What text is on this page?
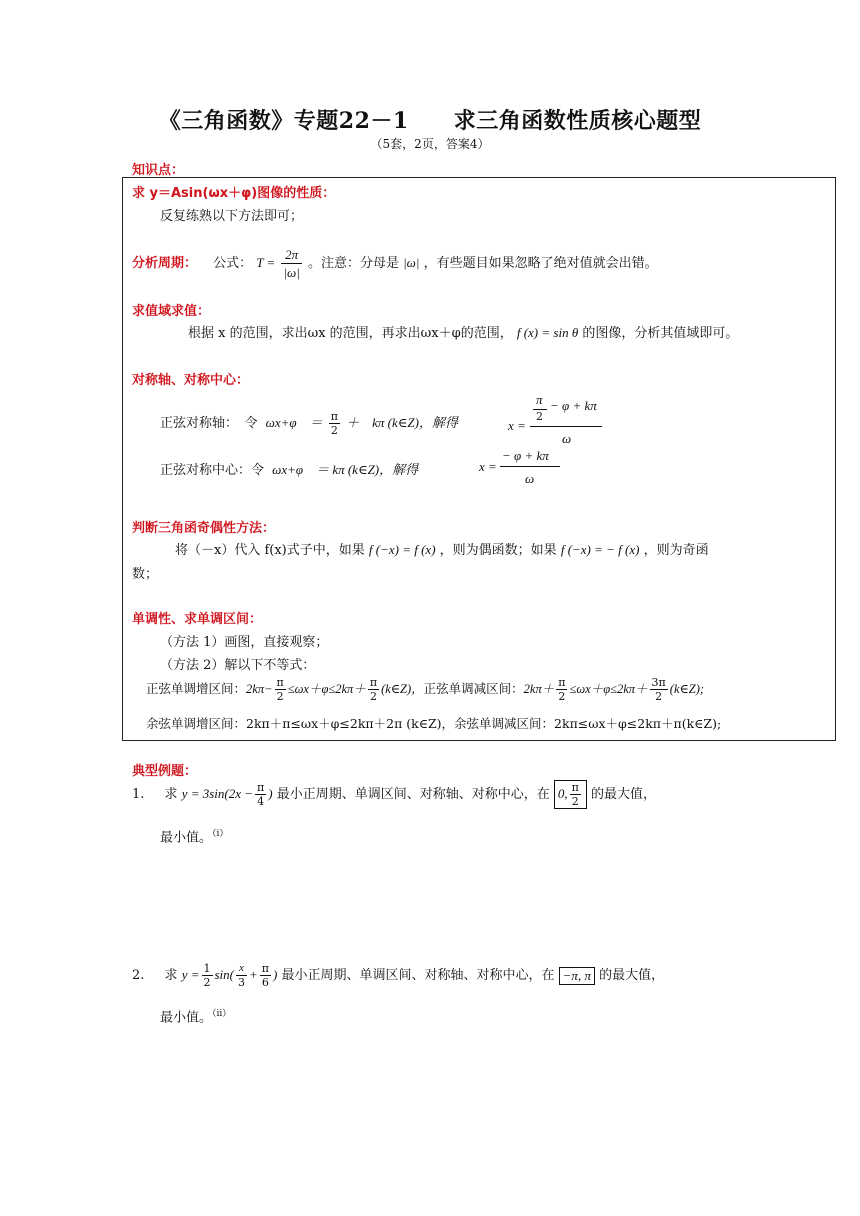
《三角函数》专题22－1　　求三角函数性质核心题型
（5套，2页，答案4）
知识点：
求 y＝Asin(ωx＋φ)图像的性质：
反复练熟以下方法即可；
分析周期： 公式： $T = \frac{2\pi}{|\omega|}$ 。注意：分母是 |ω| ，有些题目如果忽略了绝对值就会出错。
求值域求值：
根据 x 的范围，求出ωx 的范围，再求出ωx＋φ的范围， f (x) = sin θ 的图像，分析其值域即可。
对称轴、对称中心：
正弦对称轴：　令 ωx+φ　＝ $\frac{\pi}{2}$ ＋　kπ (k∈Z)，解得	x =
π − φ + kπ
2
ω
正弦对称中心：令 ωx+φ　＝ kπ (k∈Z)，解得	x =
− φ + kπ
ω
判断三角函奇偶性方法：
将（－x）代入 f(x)式子中，如果 f (−x) = f (x) ，则为偶函数；如果 f (−x) = − f (x) ，则为奇函
数；
单调性、求单调区间：
（方法 1）画图，直接观察；
（方法 2）解以下不等式：
正弦单调增区间：$2k\pi- \frac{\pi}{2} \le\omega x+\varphi\le 2k\pi+ \frac{\pi}{2}$ (k∈Z)，正弦单调减区间：$2k\pi+ \frac{\pi}{2} \le\omega x+\varphi\le 2k\pi+ \frac{3\pi}{2}$ (k∈Z);
余弦单调增区间：2kπ＋π≤ωx＋φ≤2kπ＋2π (k∈Z)，余弦单调减区间：2kπ≤ωx＋φ≤2kπ＋π(k∈Z);
典型例题：
1. 求 $y = 3\sin(2x - \frac{\pi}{4}$ ) 最小正周期、单调区间、对称轴、对称中心，在 0, $\frac{\pi}{2}$ 的最大值，
最小值。$^{(i)}$
2. 求 $y = \frac{1}{2} \sin( \frac{x}{3} + \frac{\pi}{6}$ ) 最小正周期、单调区间、对称轴、对称中心，在 −π, π 的最大值，
最小值。$^{(ii)}$
